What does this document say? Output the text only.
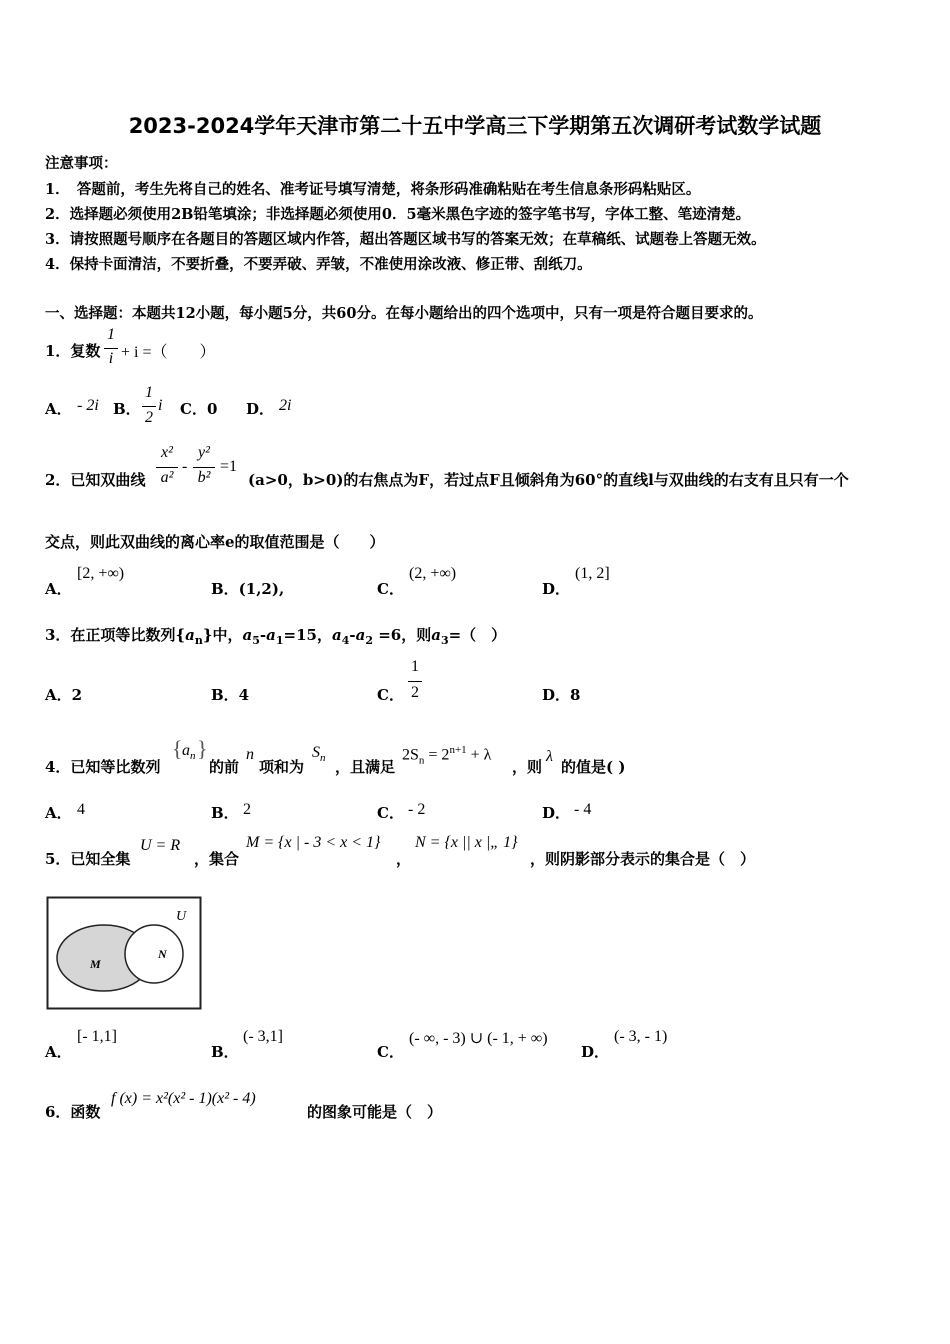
2023-2024学年天津市第二十五中学高三下学期第五次调研考试数学试题
注意事项：
1．　答题前，考生先将自己的姓名、准考证号填写清楚，将条形码准确粘贴在考生信息条形码粘贴区。
2．选择题必须使用2B铅笔填涂；非选择题必须使用0．5毫米黑色字迹的签字笔书写，字体工整、笔迹清楚。
3．请按照题号顺序在各题目的答题区域内作答，超出答题区域书写的答案无效；在草稿纸、试题卷上答题无效。
4．保持卡面清洁，不要折叠，不要弄破、弄皱，不准使用涂改液、修正带、刮纸刀。
一、选择题：本题共12小题，每小题5分，共60分。在每小题给出的四个选项中，只有一项是符合题目要求的。
1．复数
1
i + i =（　　）
A． - 2i B．
1
2
i C．0 D． 2i
2．已知双曲线
x²
a²
-
y²
b²
=1
(a>0，b>0)的右焦点为F，若过点F且倾斜角为60°的直线l与双曲线的右支有且只有一个
交点，则此双曲线的离心率e的取值范围是（　　）
A．
[2, +∞)
B．(1,2),	C．
(2, +∞)
D．
(1, 2]
3．在正项等比数列$\{a_n\}$中，$a_5-a_1=15$，$a_4-a_2 =6$，则$a_3=$（　）
A．2	B．4	C．
1
2	D．8
4．已知等比数列
{ $a_n$ }
的前
n
项和为
$S_n$ ，且满足
$2S_n = 2^{n+1} + \lambda$
，则
λ
的值是( )
A． 4	B． 2	C． - 2	D． - 4
5．已知全集
U = R
，集合
M = {x | - 3 < x < 1}
，
N = {x || x |„ 1}
，则阴影部分表示的集合是（　）
U
M
N
A．
[- 1,1]
B．
(- 3,1]
C．
(- ∞, - 3) ∪ (- 1, + ∞)
D．
(- 3, - 1)
6．函数
f (x) = x²(x² - 1)(x² - 4)
的图象可能是（　）
